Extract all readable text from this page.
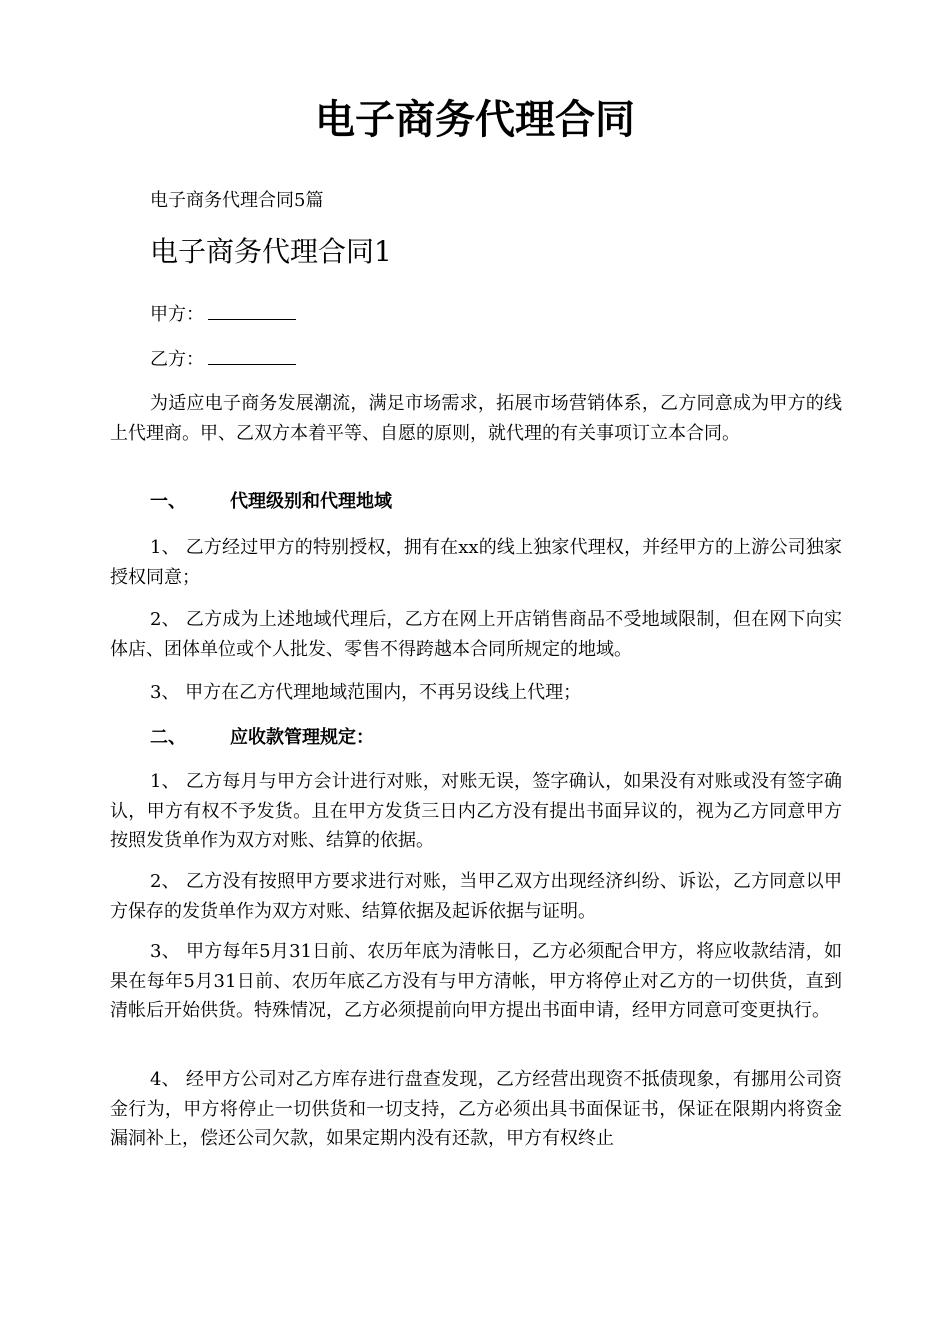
电子商务代理合同

电子商务代理合同5篇

电子商务代理合同1

甲方：

乙方：

为适应电子商务发展潮流，满足市场需求，拓展市场营销体系，乙方同意成为甲方的线上代理商。甲、乙双方本着平等、自愿的原则，就代理的有关事项订立本合同。

一、 代理级别和代理地域

1、 乙方经过甲方的特别授权，拥有在xx的线上独家代理权，并经甲方的上游公司独家授权同意；

2、 乙方成为上述地域代理后，乙方在网上开店销售商品不受地域限制，但在网下向实体店、团体单位或个人批发、零售不得跨越本合同所规定的地域。

3、 甲方在乙方代理地域范围内，不再另设线上代理；

二、 应收款管理规定：

1、 乙方每月与甲方会计进行对账，对账无误，签字确认，如果没有对账或没有签字确认，甲方有权不予发货。且在甲方发货三日内乙方没有提出书面异议的，视为乙方同意甲方按照发货单作为双方对账、结算的依据。

2、 乙方没有按照甲方要求进行对账，当甲乙双方出现经济纠纷、诉讼，乙方同意以甲方保存的发货单作为双方对账、结算依据及起诉依据与证明。

3、 甲方每年5月31日前、农历年底为清帐日，乙方必须配合甲方，将应收款结清，如果在每年5月31日前、农历年底乙方没有与甲方清帐，甲方将停止对乙方的一切供货，直到清帐后开始供货。特殊情况，乙方必须提前向甲方提出书面申请，经甲方同意可变更执行。

4、 经甲方公司对乙方库存进行盘查发现，乙方经营出现资不抵债现象，有挪用公司资金行为，甲方将停止一切供货和一切支持，乙方必须出具书面保证书，保证在限期内将资金漏洞补上，偿还公司欠款，如果定期内没有还款，甲方有权终止
